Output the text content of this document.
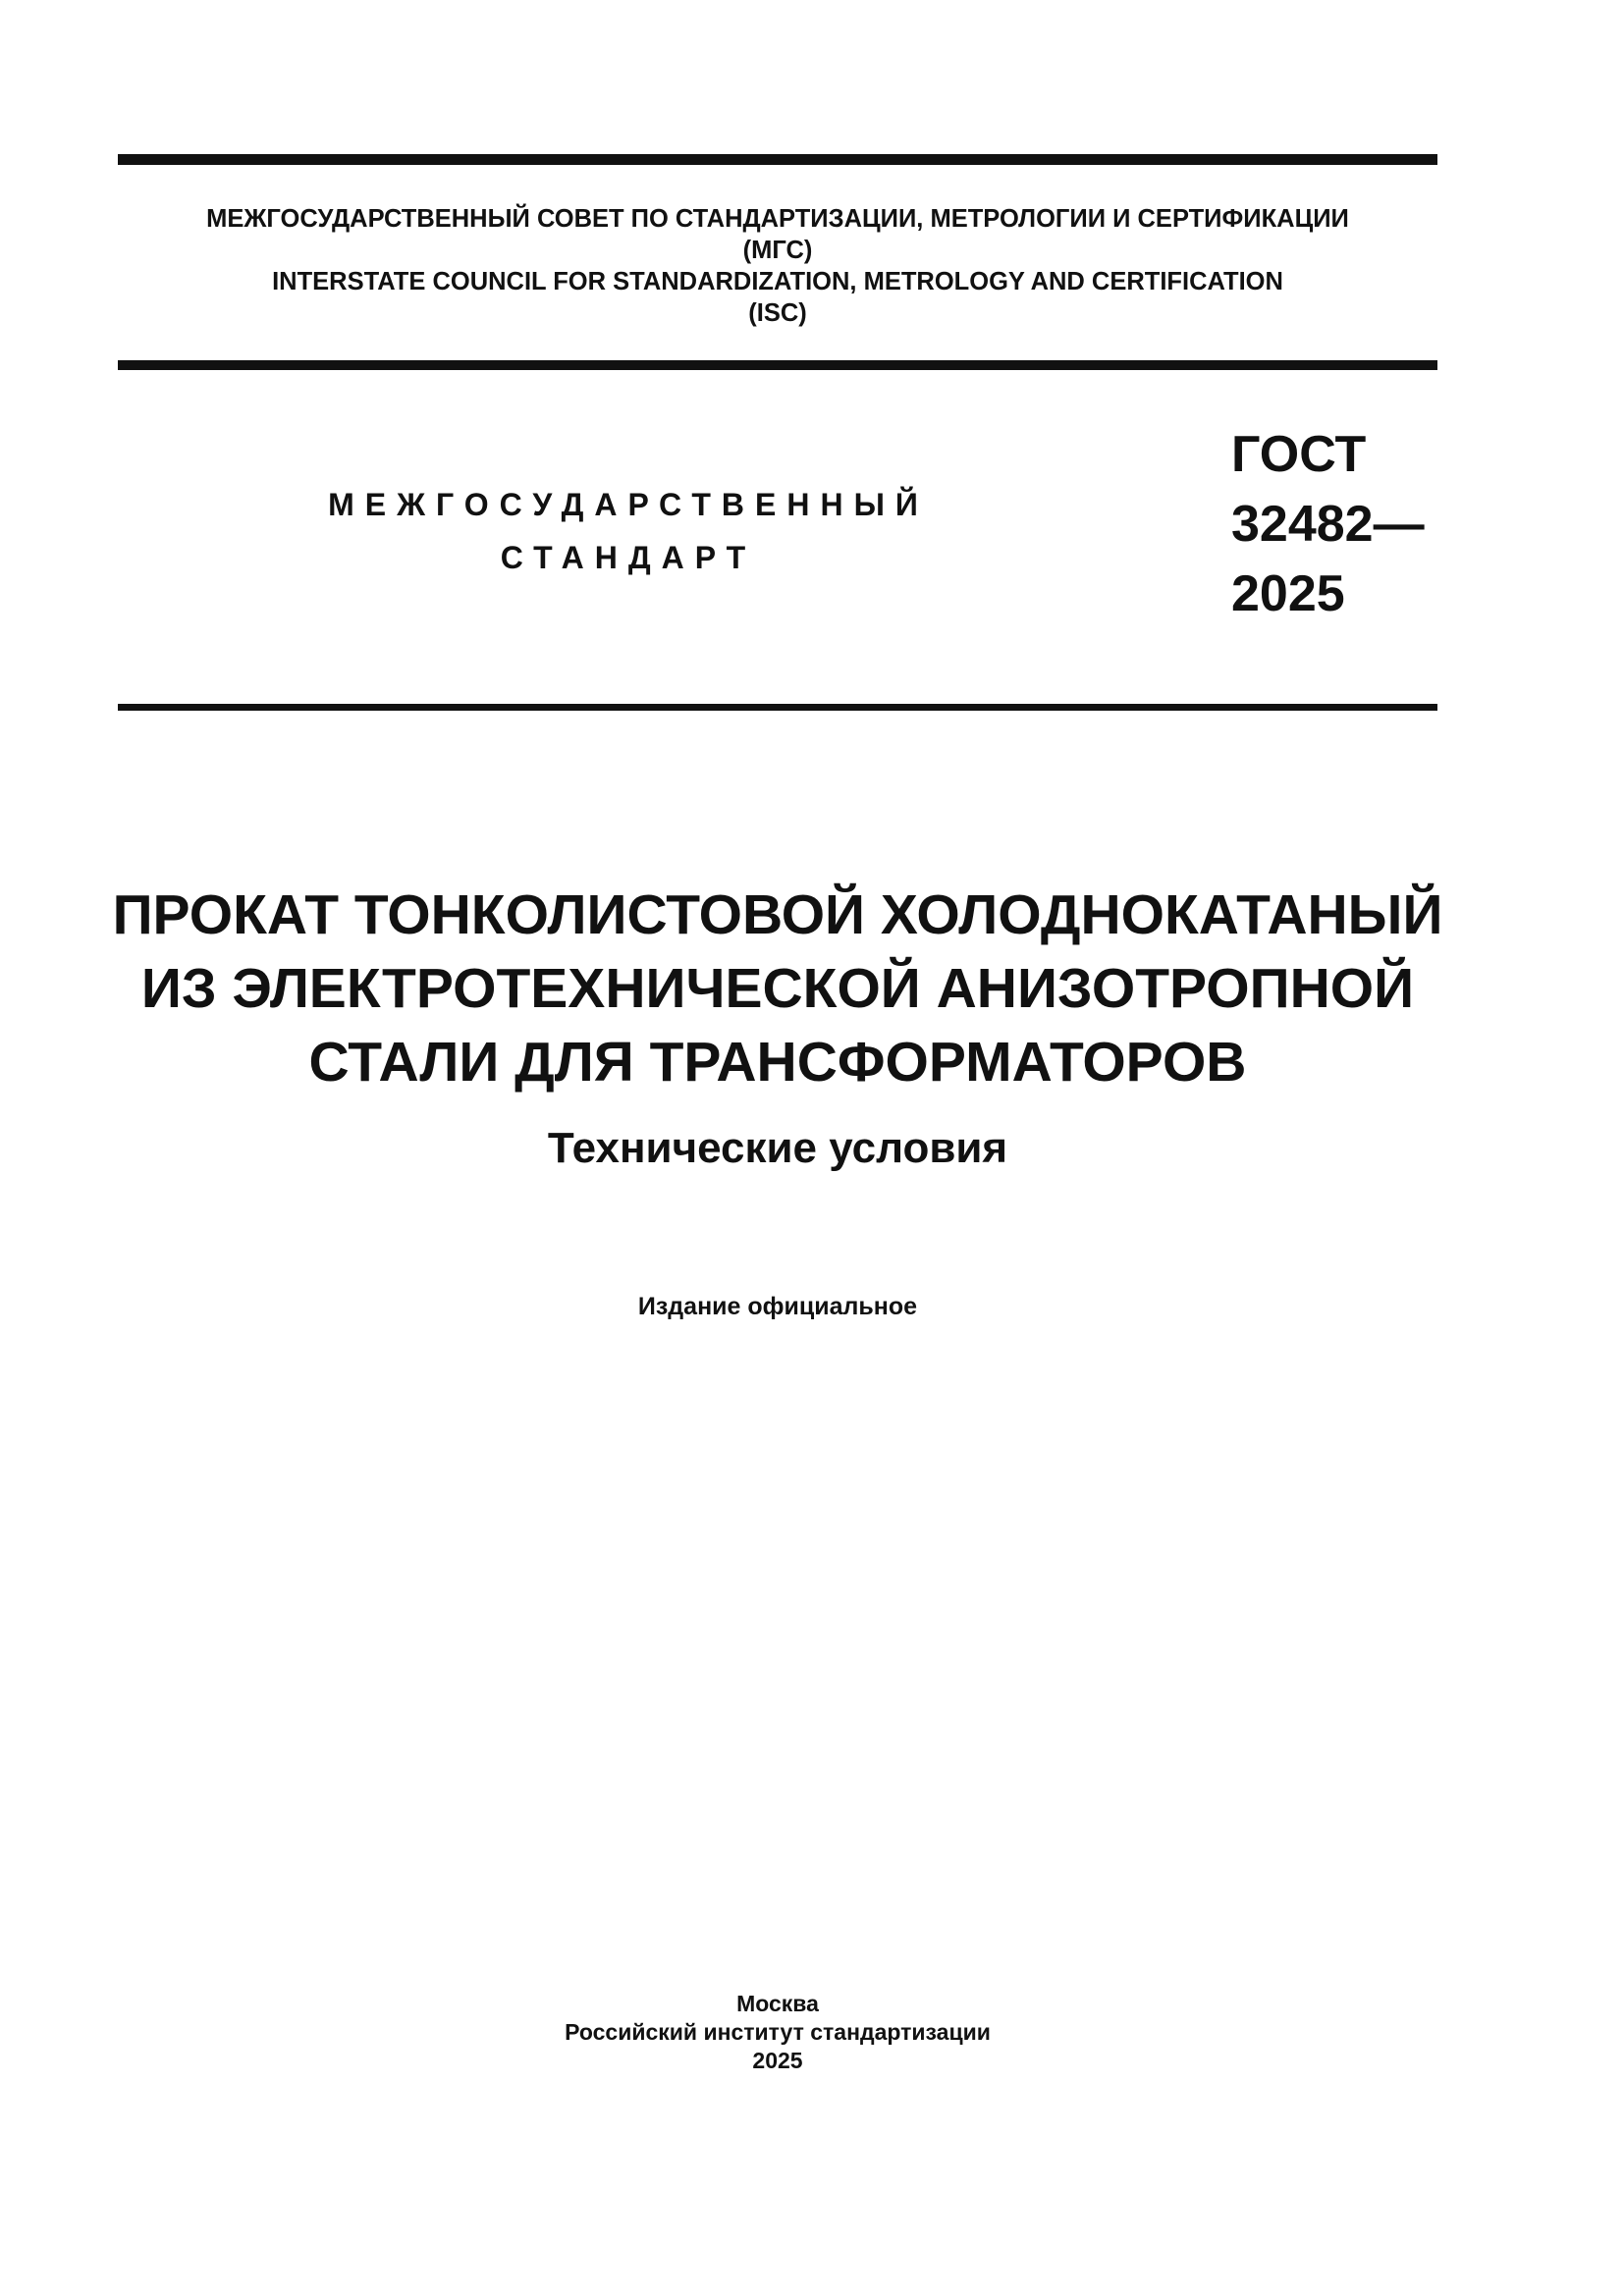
МЕЖГОСУДАРСТВЕННЫЙ СОВЕТ ПО СТАНДАРТИЗАЦИИ, МЕТРОЛОГИИ И СЕРТИФИКАЦИИ
(МГС)
INTERSTATE COUNCIL FOR STANDARDIZATION, METROLOGY AND CERTIFICATION
(ISC)
МЕЖГОСУДАРСТВЕННЫЙ
СТАНДАРТ
ГОСТ
32482—
2025
ПРОКАТ ТОНКОЛИСТОВОЙ ХОЛОДНОКАТАНЫЙ
ИЗ ЭЛЕКТРОТЕХНИЧЕСКОЙ АНИЗОТРОПНОЙ
СТАЛИ ДЛЯ ТРАНСФОРМАТОРОВ
Технические условия
Издание официальное
Москва
Российский институт стандартизации
2025
